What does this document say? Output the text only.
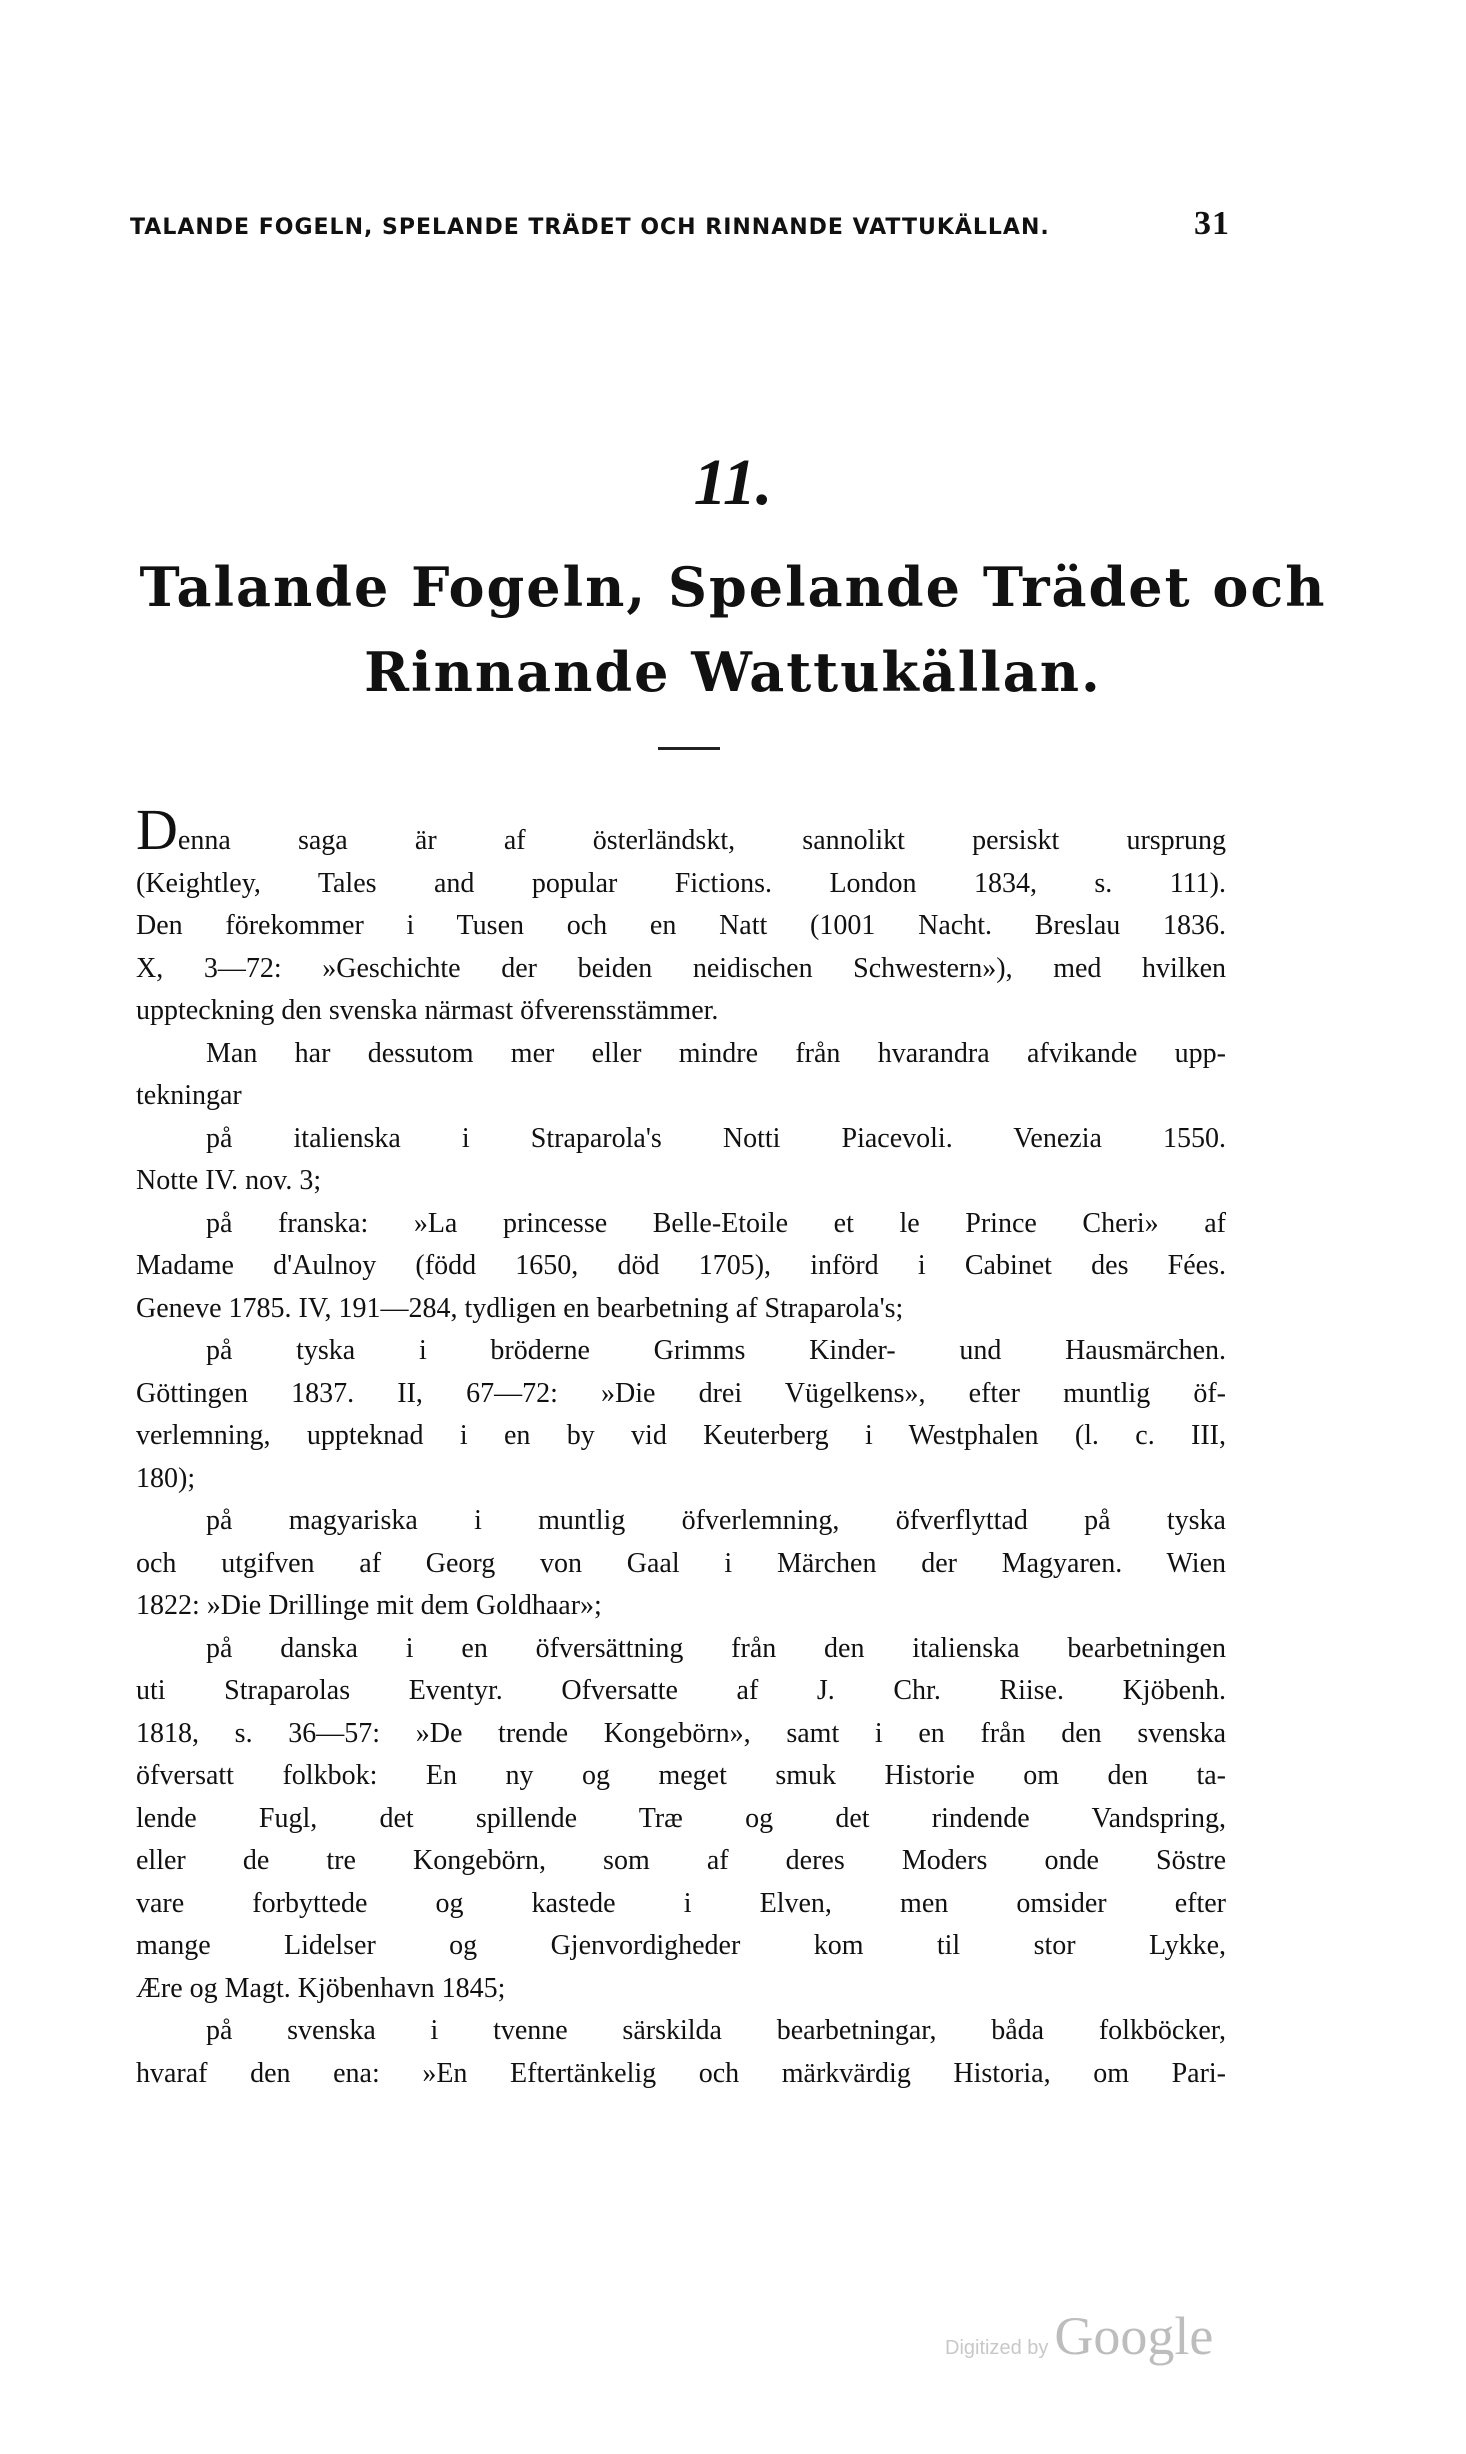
TALANDE FOGELN, SPELANDE TRÄDET OCH RINNANDE VATTUKÄLLAN.	31
11.
Talande Fogeln, Spelande Trädet och
Rinnande Wattukällan.
Denna saga är af österländskt, sannolikt persiskt ursprung
(Keightley, Tales and popular Fictions. London 1834, s. 111).
Den förekommer i Tusen och en Natt (1001 Nacht. Breslau 1836.
X, 3—72: »Geschichte der beiden neidischen Schwestern»), med hvilken
uppteckning den svenska närmast öfverensstämmer.
Man har dessutom mer eller mindre från hvarandra afvikande upp-
tekningar
på italienska i Straparola's Notti Piacevoli. Venezia 1550.
Notte IV. nov. 3;
på franska: »La princesse Belle-Etoile et le Prince Cheri» af
Madame d'Aulnoy (född 1650, död 1705), införd i Cabinet des Fées.
Geneve 1785. IV, 191—284, tydligen en bearbetning af Straparola's;
på tyska i bröderne Grimms Kinder- und Hausmärchen.
Göttingen 1837. II, 67—72: »Die drei Vügelkens», efter muntlig öf-
verlemning, uppteknad i en by vid Keuterberg i Westphalen (l. c. III,
180);
på magyariska i muntlig öfverlemning, öfverflyttad på tyska
och utgifven af Georg von Gaal i Märchen der Magyaren. Wien
1822: »Die Drillinge mit dem Goldhaar»;
på danska i en öfversättning från den italienska bearbetningen
uti Straparolas Eventyr. Ofversatte af J. Chr. Riise. Kjöbenh.
1818, s. 36—57: »De trende Kongebörn», samt i en från den svenska
öfversatt folkbok: En ny og meget smuk Historie om den ta-
lende Fugl, det spillende Træ og det rindende Vandspring,
eller de tre Kongebörn, som af deres Moders onde Söstre
vare forbyttede og kastede i Elven, men omsider efter
mange Lidelser og Gjenvordigheder kom til stor Lykke,
Ære og Magt. Kjöbenhavn 1845;
på svenska i tvenne särskilda bearbetningar, båda folkböcker,
hvaraf den ena: »En Eftertänkelig och märkvärdig Historia, om Pari-
Digitized by Google
